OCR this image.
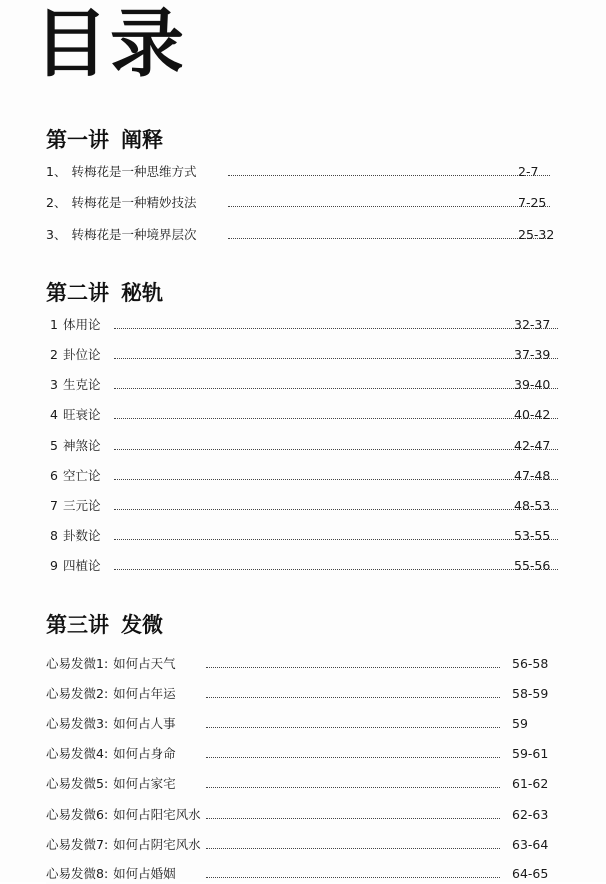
目录
第一讲 阐释
1、 转梅花是一种思维方式	2-7
2、 转梅花是一种精妙技法	7-25
3、 转梅花是一种境界层次	25-32
第二讲 秘轨
1 体用论	32-37
2 卦位论	37-39
3 生克论	39-40
4 旺衰论	40-42
5 神煞论	42-47
6 空亡论	47-48
7 三元论	48-53
8 卦数论	53-55
9 四植论	55-56
第三讲 发微
心易发微1: 如何占天气	56-58
心易发微2: 如何占年运	58-59
心易发微3: 如何占人事	59
心易发微4: 如何占身命	59-61
心易发微5: 如何占家宅	61-62
心易发微6: 如何占阳宅风水	62-63
心易发微7: 如何占阴宅风水	63-64
心易发微8: 如何占婚姻	64-65
